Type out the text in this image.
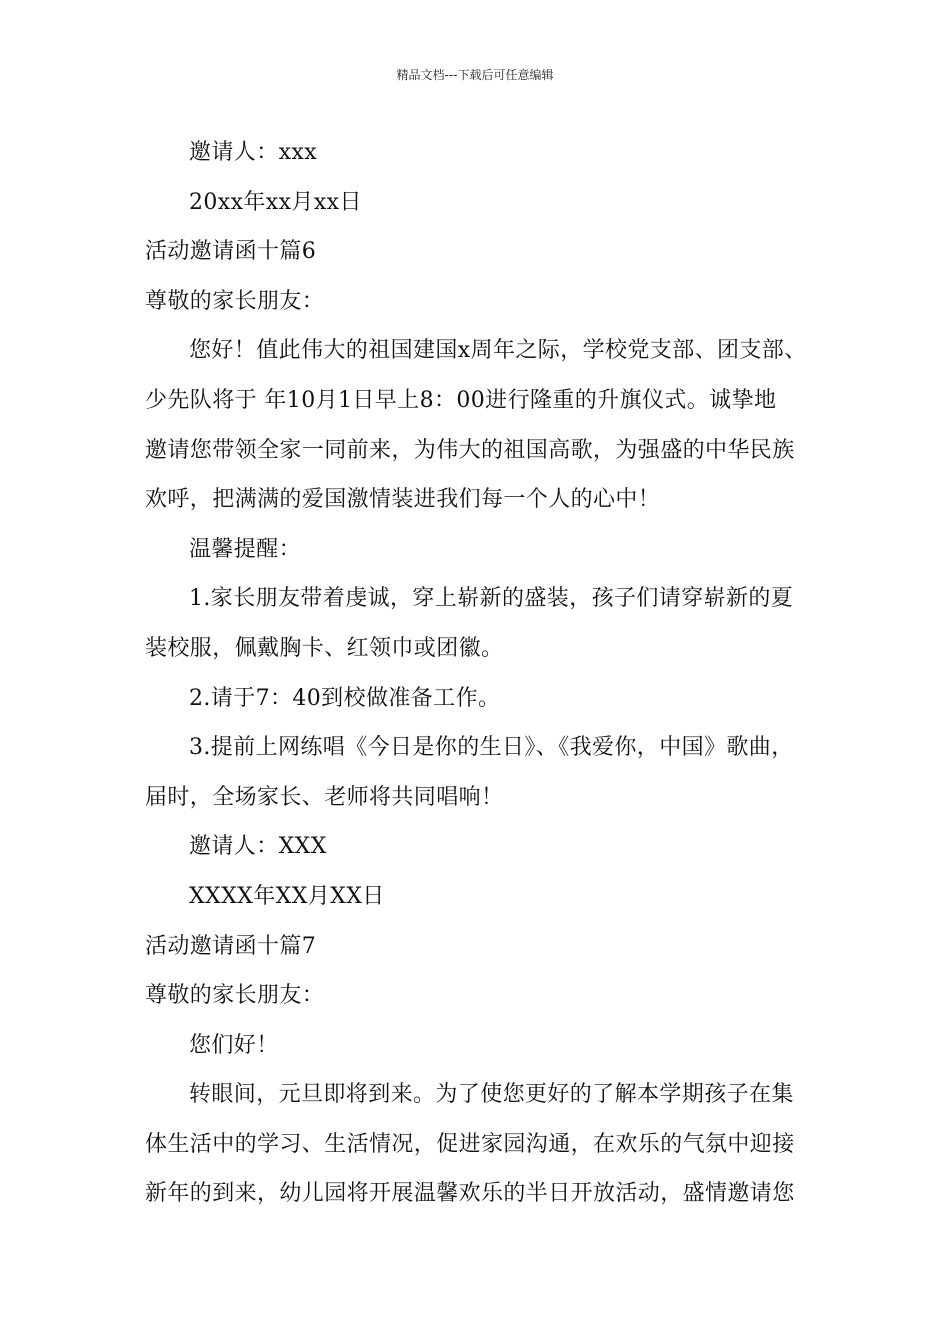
精品文档---下载后可任意编辑
邀请人：xxx
20xx年xx月xx日
活动邀请函十篇6
尊敬的家长朋友：
您好！值此伟大的祖国建国x周年之际，学校党支部、团支部、
少先队将于 年10月1日早上8：00进行隆重的升旗仪式。诚挚地
邀请您带领全家一同前来，为伟大的祖国高歌，为强盛的中华民族
欢呼，把满满的爱国激情装进我们每一个人的心中！
温馨提醒：
1.家长朋友带着虔诚，穿上崭新的盛装，孩子们请穿崭新的夏
装校服，佩戴胸卡、红领巾或团徽。
2.请于7：40到校做准备工作。
3.提前上网练唱《今日是你的生日》、《我爱你，中国》歌曲，
届时，全场家长、老师将共同唱响！
邀请人：XXX
XXXX年XX月XX日
活动邀请函十篇7
尊敬的家长朋友：
您们好！
转眼间，元旦即将到来。为了使您更好的了解本学期孩子在集
体生活中的学习、生活情况，促进家园沟通，在欢乐的气氛中迎接
新年的到来，幼儿园将开展温馨欢乐的半日开放活动，盛情邀请您
